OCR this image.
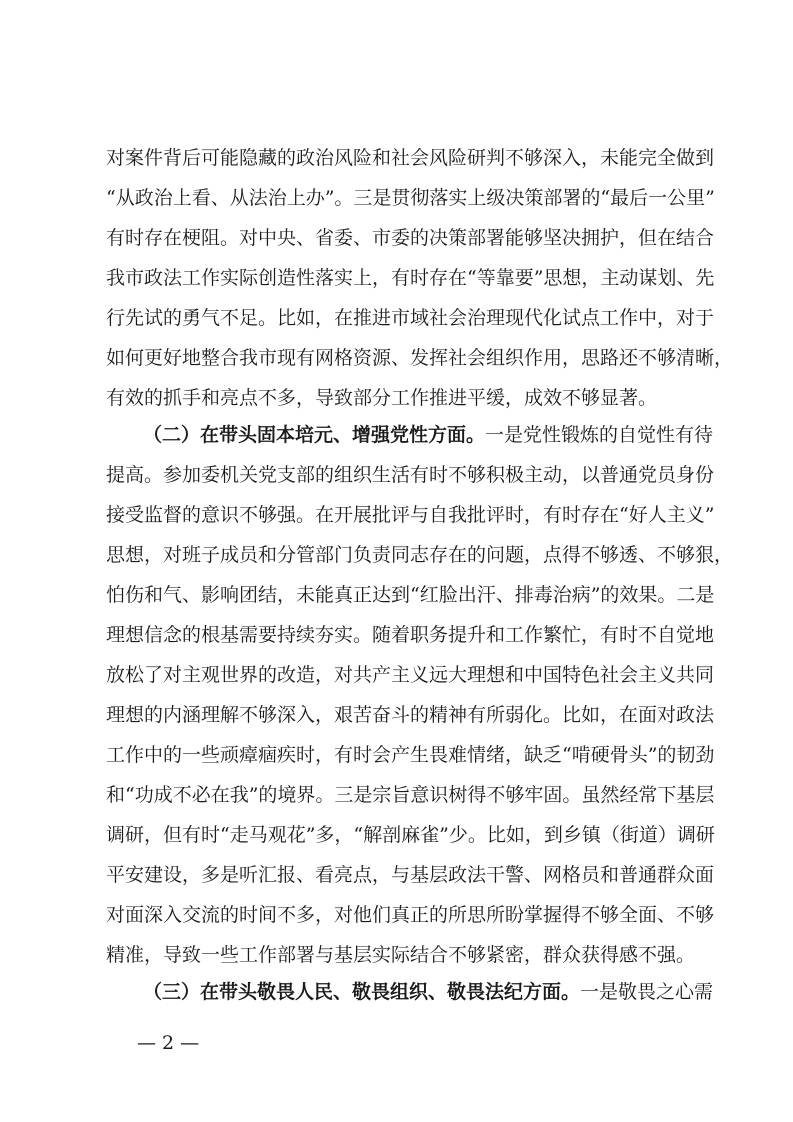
对案件背后可能隐藏的政治风险和社会风险研判不够深入，未能完全做到
“从政治上看、从法治上办”。三是贯彻落实上级决策部署的“最后一公里”
有时存在梗阻。对中央、省委、市委的决策部署能够坚决拥护，但在结合
我市政法工作实际创造性落实上，有时存在“等靠要”思想，主动谋划、先
行先试的勇气不足。比如，在推进市域社会治理现代化试点工作中，对于
如何更好地整合我市现有网格资源、发挥社会组织作用，思路还不够清晰，
有效的抓手和亮点不多，导致部分工作推进平缓，成效不够显著。
（二）在带头固本培元、增强党性方面。一是党性锻炼的自觉性有待
提高。参加委机关党支部的组织生活有时不够积极主动，以普通党员身份
接受监督的意识不够强。在开展批评与自我批评时，有时存在“好人主义”
思想，对班子成员和分管部门负责同志存在的问题，点得不够透、不够狠，
怕伤和气、影响团结，未能真正达到“红脸出汗、排毒治病”的效果。二是
理想信念的根基需要持续夯实。随着职务提升和工作繁忙，有时不自觉地
放松了对主观世界的改造，对共产主义远大理想和中国特色社会主义共同
理想的内涵理解不够深入，艰苦奋斗的精神有所弱化。比如，在面对政法
工作中的一些顽瘴痼疾时，有时会产生畏难情绪，缺乏“啃硬骨头”的韧劲
和“功成不必在我”的境界。三是宗旨意识树得不够牢固。虽然经常下基层
调研，但有时“走马观花”多，“解剖麻雀”少。比如，到乡镇（街道）调研
平安建设，多是听汇报、看亮点，与基层政法干警、网格员和普通群众面
对面深入交流的时间不多，对他们真正的所思所盼掌握得不够全面、不够
精准，导致一些工作部署与基层实际结合不够紧密，群众获得感不强。
（三）在带头敬畏人民、敬畏组织、敬畏法纪方面。一是敬畏之心需
— 2 —
